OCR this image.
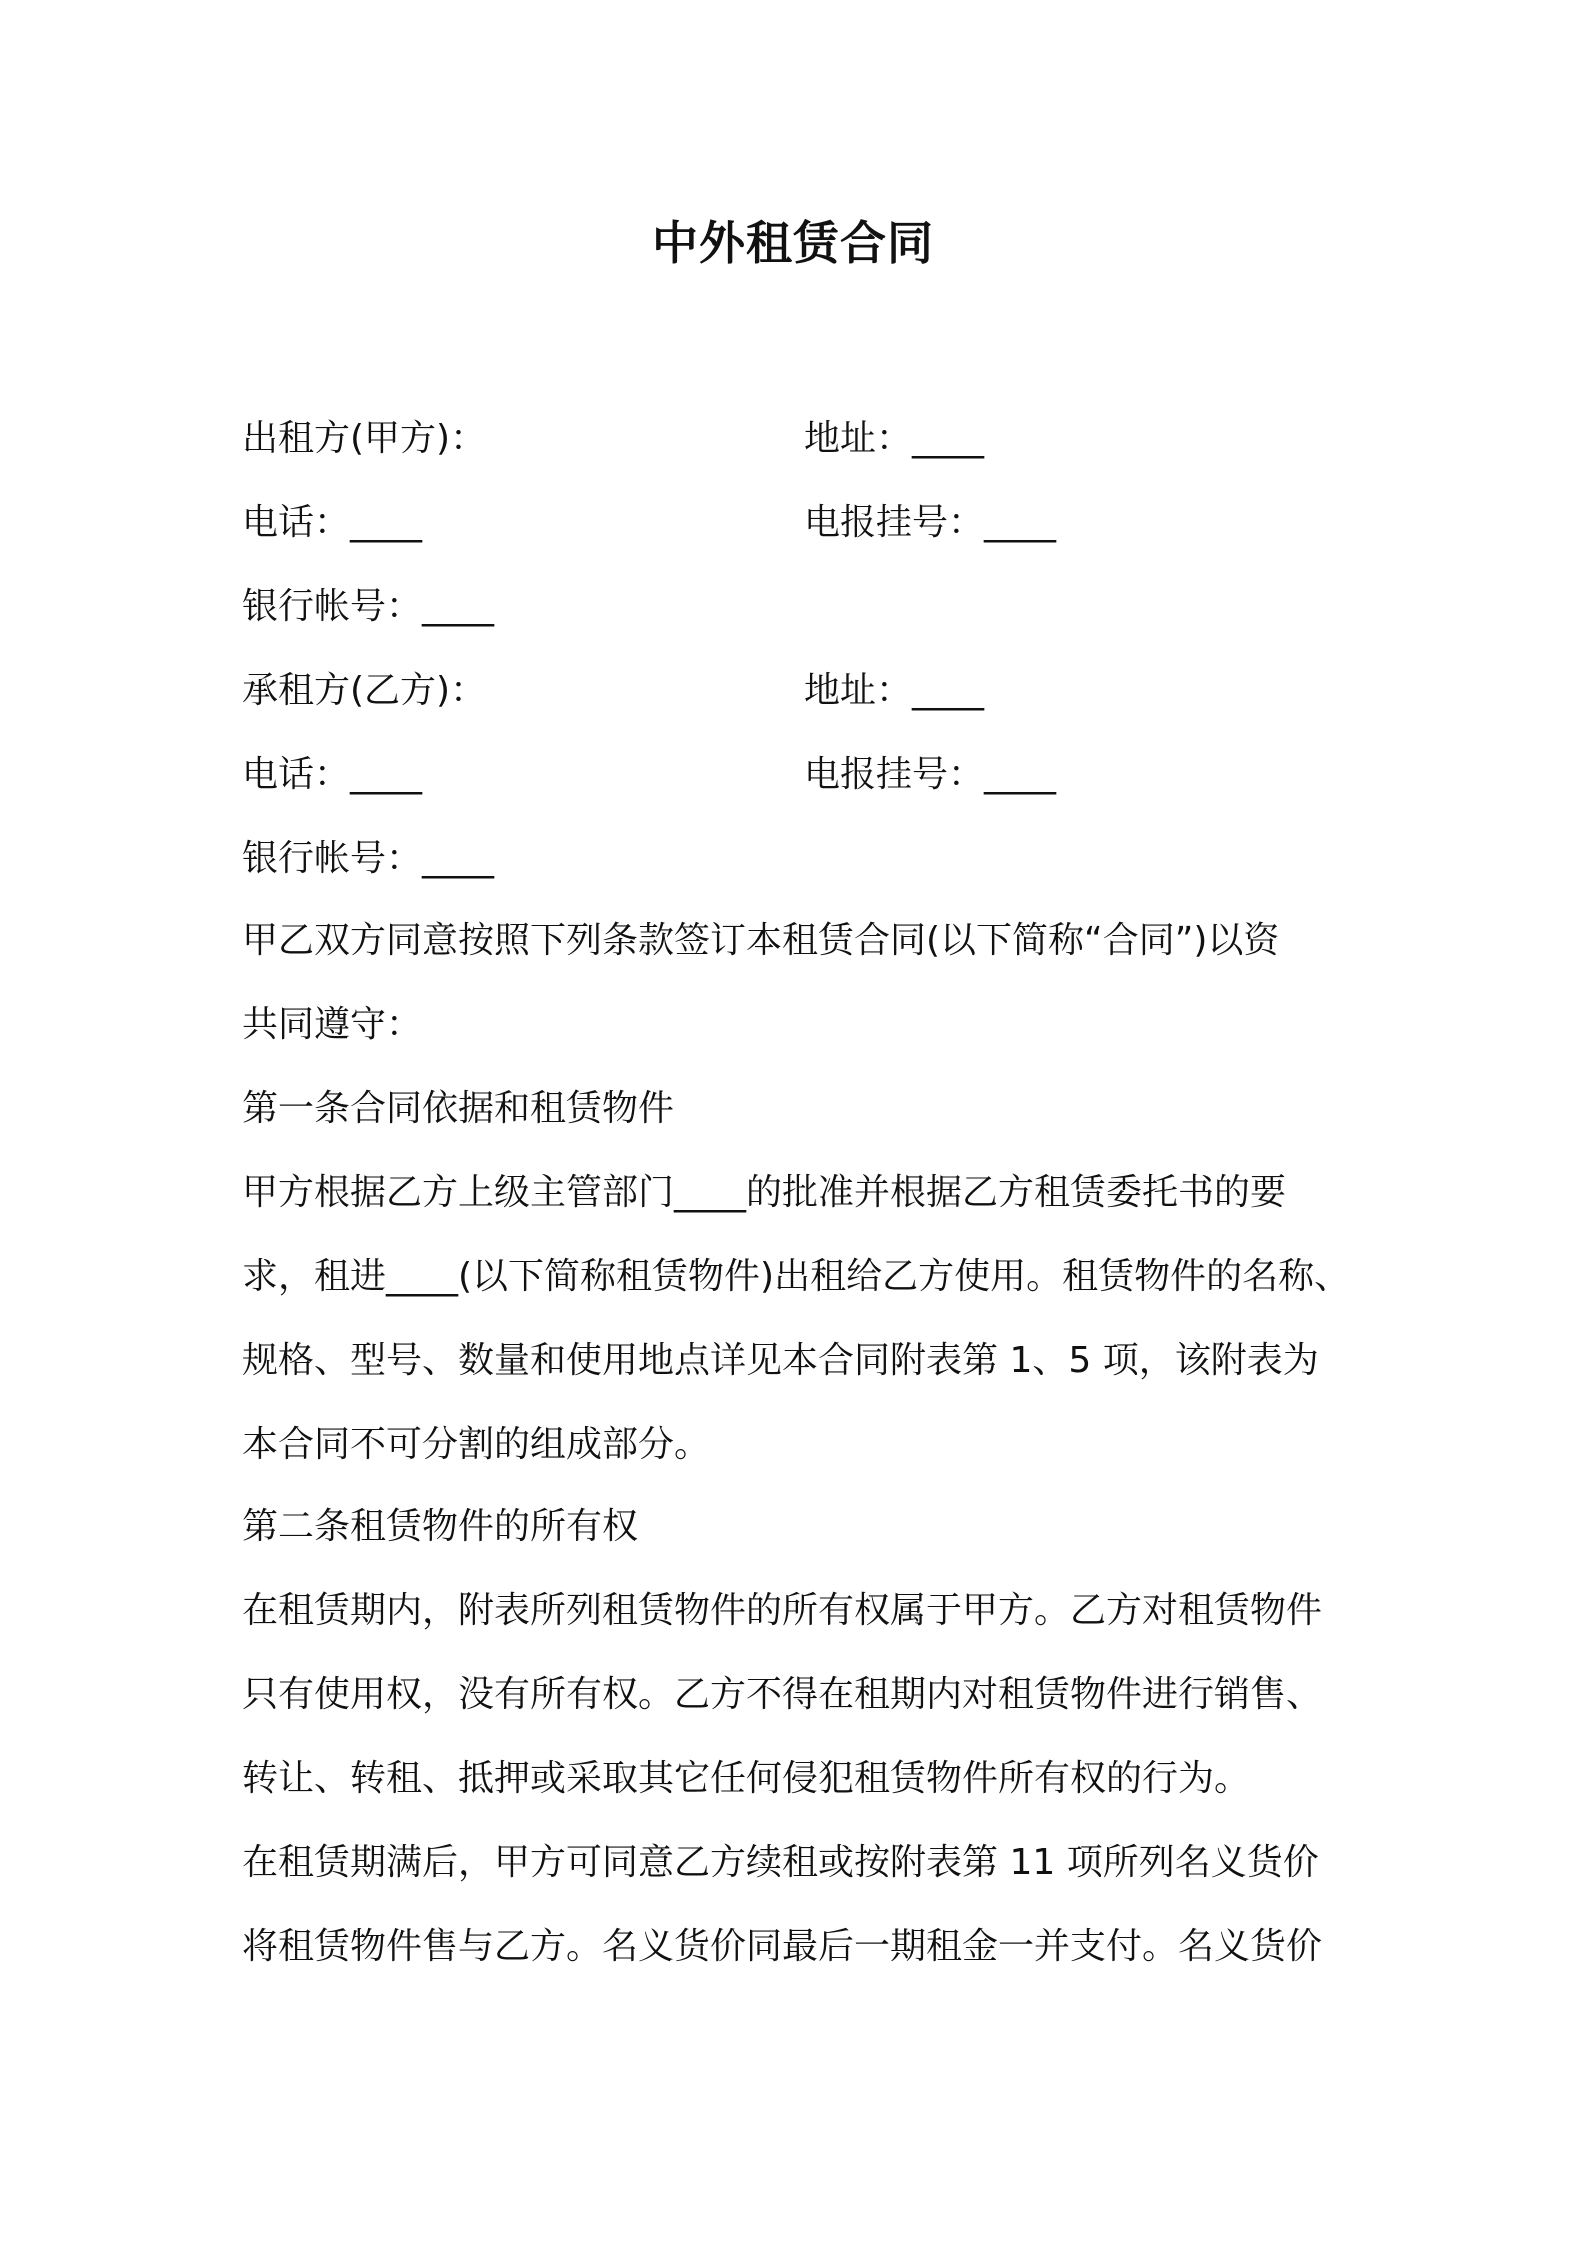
中外租赁合同
出租方(甲方)：	地址：____
电话：____	电报挂号：____
银行帐号：____
承租方(乙方)：	地址：____
电话：____	电报挂号：____
银行帐号：____
甲乙双方同意按照下列条款签订本租赁合同(以下简称“合同”)以资
共同遵守：
第一条合同依据和租赁物件
甲方根据乙方上级主管部门____的批准并根据乙方租赁委托书的要
求，租进____(以下简称租赁物件)出租给乙方使用。租赁物件的名称、
规格、型号、数量和使用地点详见本合同附表第 1、5 项，该附表为
本合同不可分割的组成部分。
第二条租赁物件的所有权
在租赁期内，附表所列租赁物件的所有权属于甲方。乙方对租赁物件
只有使用权，没有所有权。乙方不得在租期内对租赁物件进行销售、
转让、转租、抵押或采取其它任何侵犯租赁物件所有权的行为。
在租赁期满后，甲方可同意乙方续租或按附表第 11 项所列名义货价
将租赁物件售与乙方。名义货价同最后一期租金一并支付。名义货价
